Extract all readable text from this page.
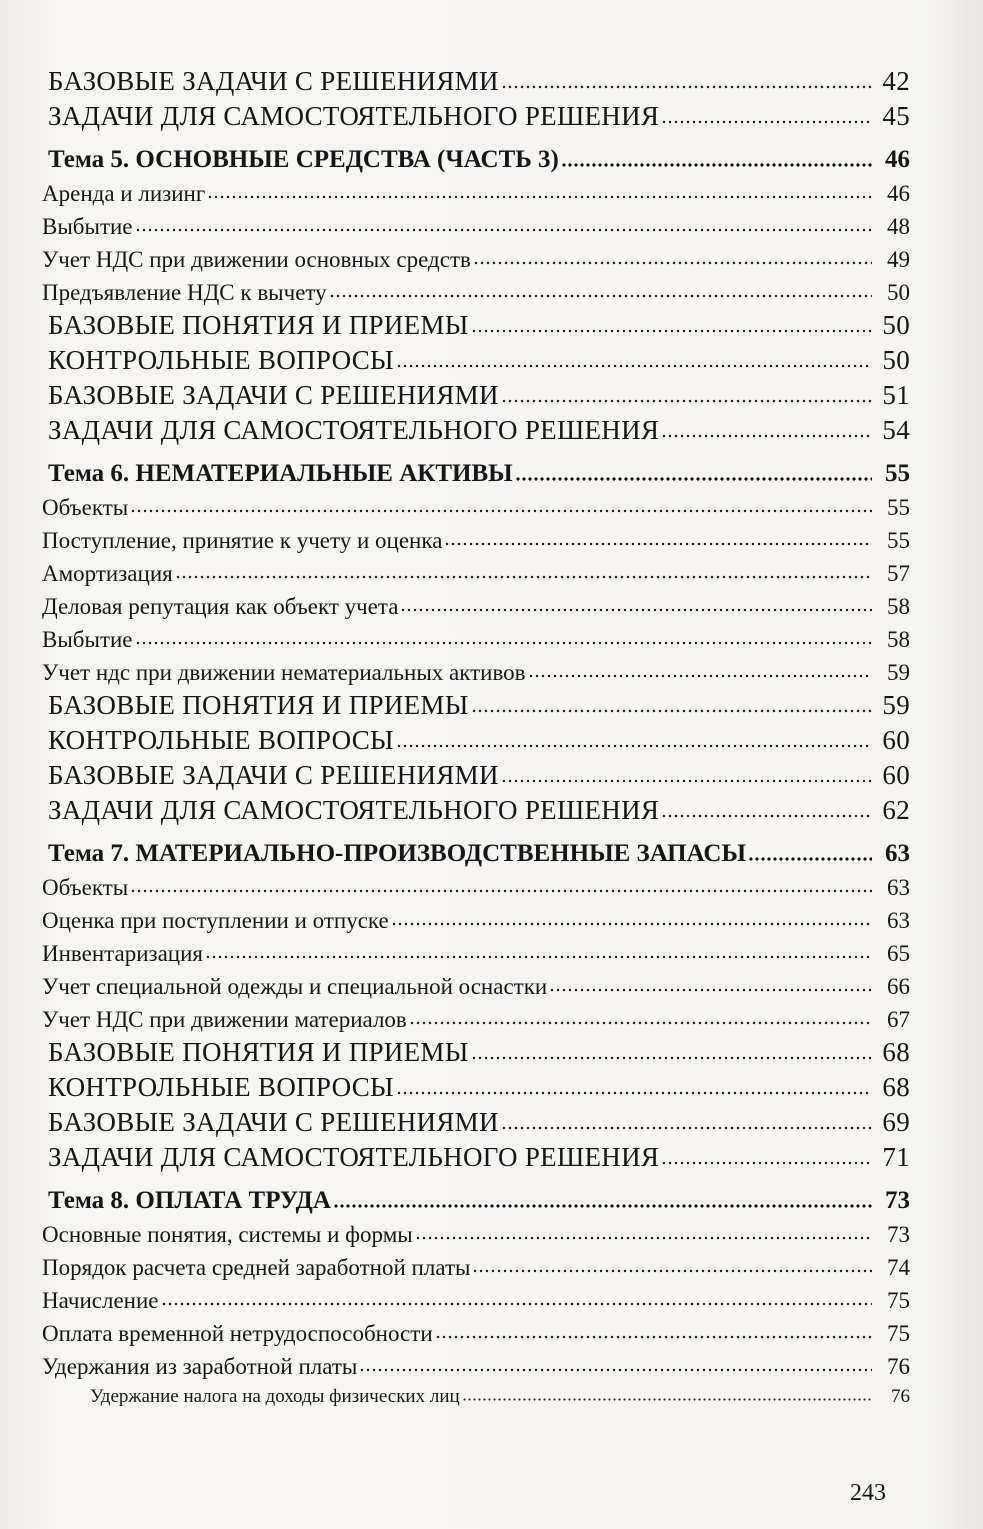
БАЗОВЫЕ ЗАДАЧИ С РЕШЕНИЯМИ	42
ЗАДАЧИ ДЛЯ САМОСТОЯТЕЛЬНОГО РЕШЕНИЯ	45
Тема 5. ОСНОВНЫЕ СРЕДСТВА (ЧАСТЬ 3)	46
Аренда и лизинг	46
Выбытие	48
Учет НДС при движении основных средств	49
Предъявление НДС к вычету	50
БАЗОВЫЕ ПОНЯТИЯ И ПРИЕМЫ	50
КОНТРОЛЬНЫЕ ВОПРОСЫ	50
БАЗОВЫЕ ЗАДАЧИ С РЕШЕНИЯМИ	51
ЗАДАЧИ ДЛЯ САМОСТОЯТЕЛЬНОГО РЕШЕНИЯ	54
Тема 6. НЕМАТЕРИАЛЬНЫЕ АКТИВЫ	55
Объекты	55
Поступление, принятие к учету и оценка	55
Амортизация	57
Деловая репутация как объект учета	58
Выбытие	58
Учет ндс при движении нематериальных активов	59
БАЗОВЫЕ ПОНЯТИЯ И ПРИЕМЫ	59
КОНТРОЛЬНЫЕ ВОПРОСЫ	60
БАЗОВЫЕ ЗАДАЧИ С РЕШЕНИЯМИ	60
ЗАДАЧИ ДЛЯ САМОСТОЯТЕЛЬНОГО РЕШЕНИЯ	62
Тема 7. МАТЕРИАЛЬНО-ПРОИЗВОДСТВЕННЫЕ ЗАПАСЫ	63
Объекты	63
Оценка при поступлении и отпуске	63
Инвентаризация	65
Учет специальной одежды и специальной оснастки	66
Учет НДС при движении материалов	67
БАЗОВЫЕ ПОНЯТИЯ И ПРИЕМЫ	68
КОНТРОЛЬНЫЕ ВОПРОСЫ	68
БАЗОВЫЕ ЗАДАЧИ С РЕШЕНИЯМИ	69
ЗАДАЧИ ДЛЯ САМОСТОЯТЕЛЬНОГО РЕШЕНИЯ	71
Тема 8. ОПЛАТА ТРУДА	73
Основные понятия, системы и формы	73
Порядок расчета средней заработной платы	74
Начисление	75
Оплата временной нетрудоспособности	75
Удержания из заработной платы	76
Удержание налога на доходы физических лиц	76
243
